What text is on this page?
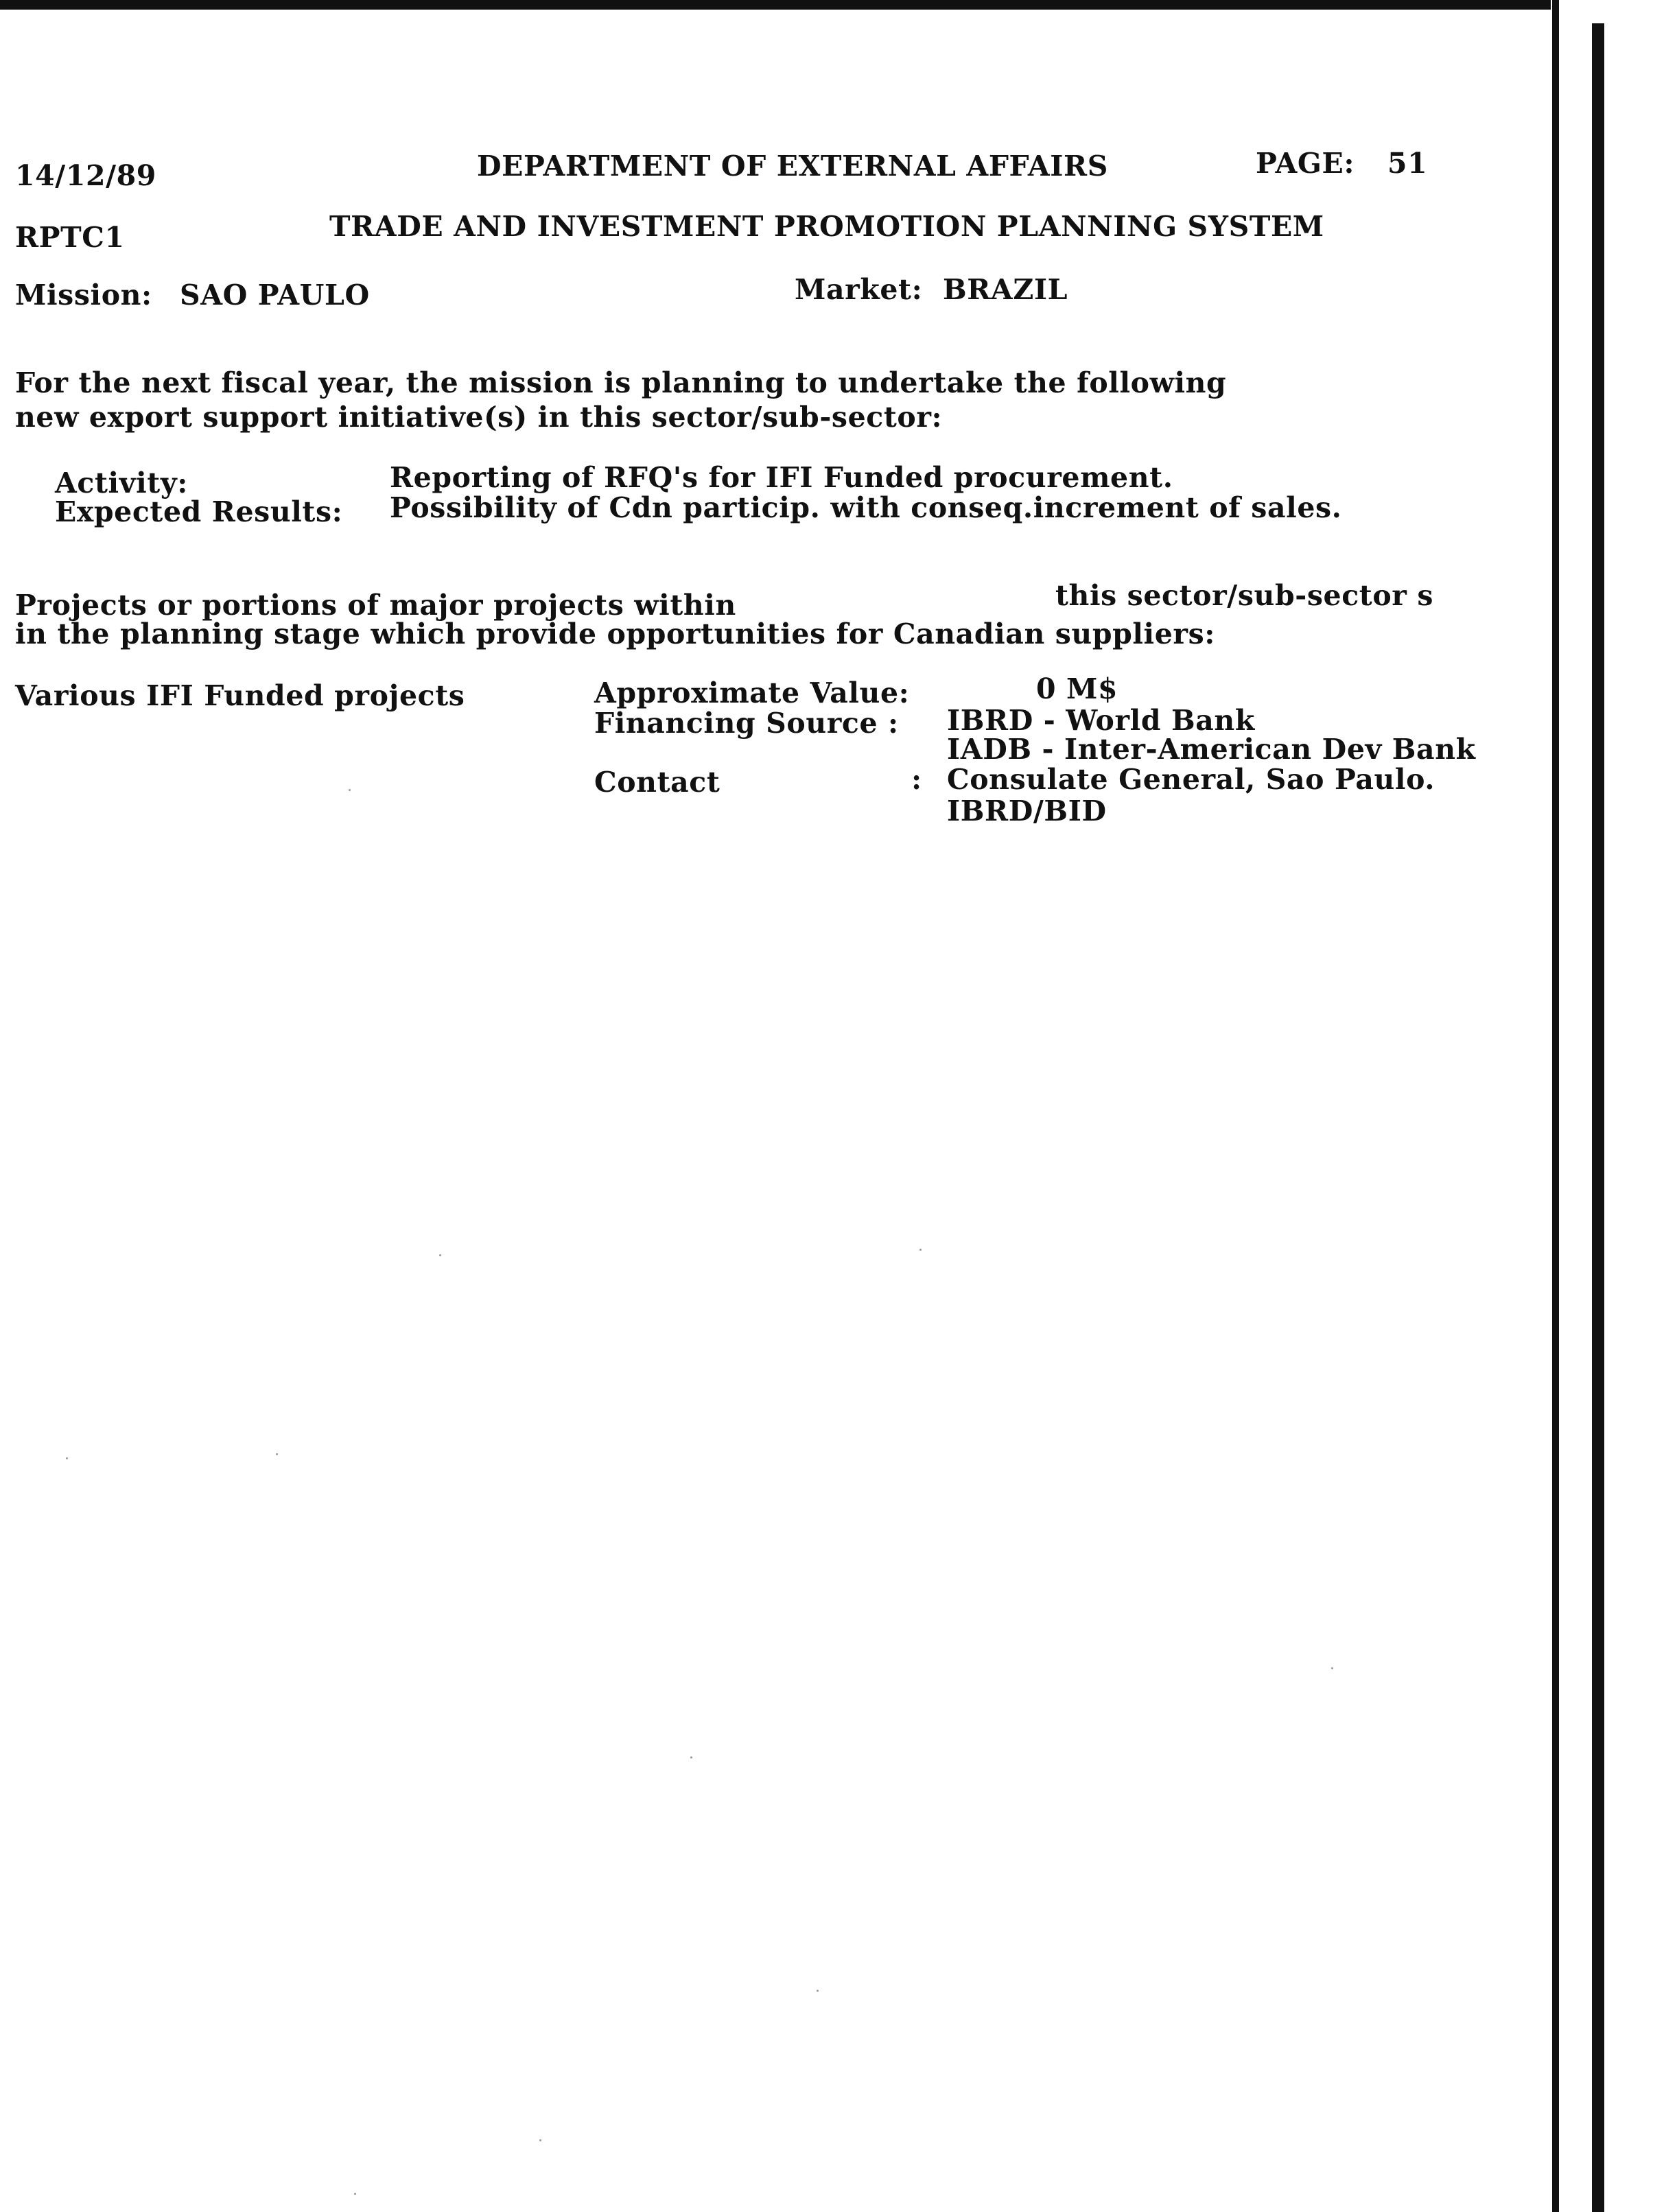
14/12/89	DEPARTMENT OF EXTERNAL AFFAIRS	PAGE: 51
RPTC1	TRADE AND INVESTMENT PROMOTION PLANNING SYSTEM
Mission: SAO PAULO	Market: BRAZIL
For the next fiscal year, the mission is planning to undertake the following
new export support initiative(s) in this sector/sub-sector:
Activity:	Reporting of RFQ's for IFI Funded procurement.
Expected Results: Possibility of Cdn particip. with conseq.increment of sales.
Projects or portions of major projects within	this sector/sub-sector s
in the planning stage which provide opportunities for Canadian suppliers:
Various IFI Funded projects	Approximate Value:	0 M$
Financing Source : IBRD - World Bank
IADB - Inter-American Dev Bank
Contact	: Consulate General, Sao Paulo.
IBRD/BID
